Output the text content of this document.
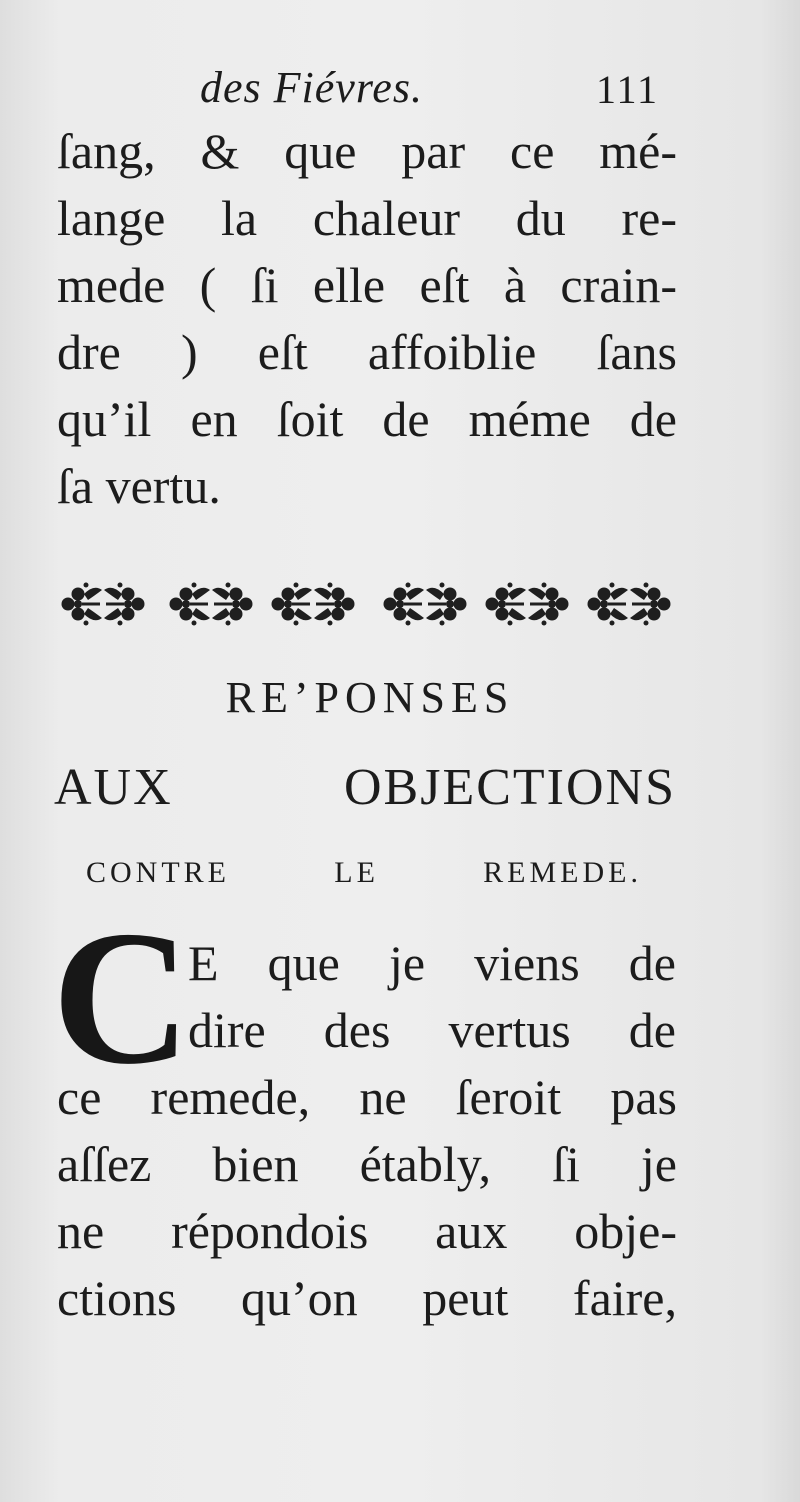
des Fiévres.	111
ſang, & que par ce mé-
lange la chaleur du re-
mede ( ſi elle eſt à crain-
dre ) eſt affoiblie ſans
qu’il en ſoit de méme de
ſa vertu.
RE’PONSES
AUX OBJECTIONS
CONTRE LE REMEDE.
C
E que je viens de
dire des vertus de
ce remede, ne ſeroit pas
aſſez bien étably, ſi je
ne répondois aux obje-
ctions qu’on peut faire,
